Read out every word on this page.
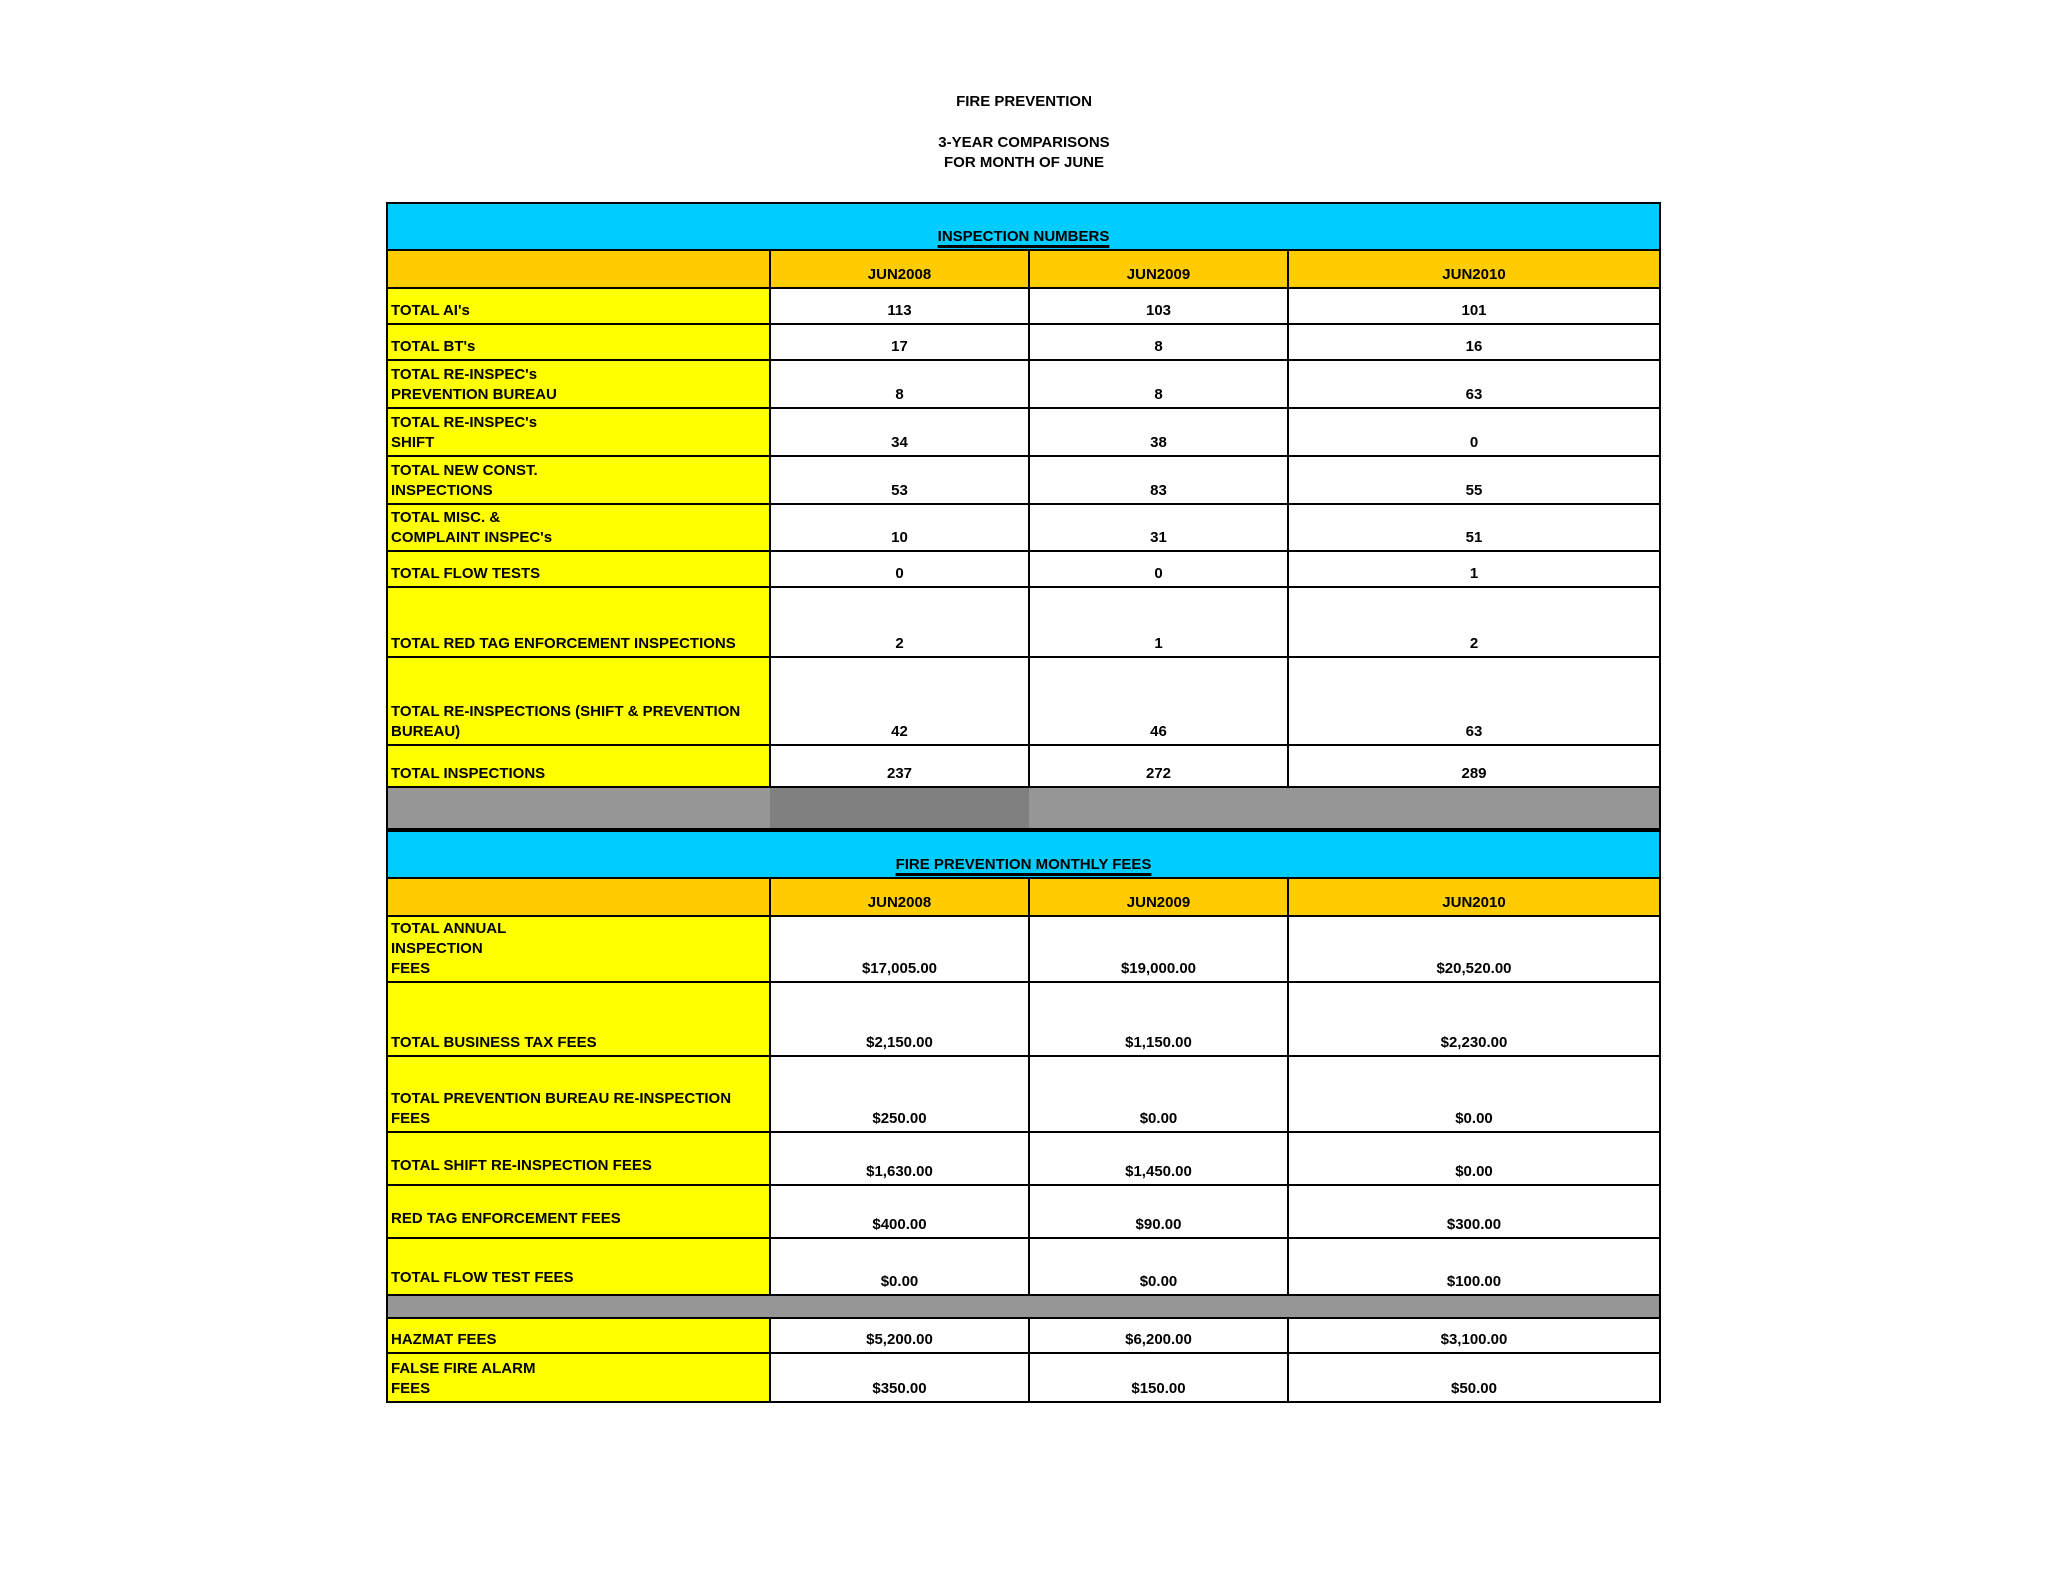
FIRE PREVENTION
3-YEAR COMPARISONS
FOR MONTH OF JUNE
INSPECTION NUMBERS			
	JUN2008	JUN2009	JUN2010
TOTAL AI's	113	103	101
TOTAL BT's	17	8	16
TOTAL RE-INSPEC's
PREVENTION BUREAU	8	8	63
TOTAL RE-INSPEC's
SHIFT	34	38	0
TOTAL NEW CONST.
INSPECTIONS	53	83	55
TOTAL MISC. &
COMPLAINT INSPEC's	10	31	51
TOTAL FLOW TESTS	0	0	1
TOTAL RED TAG ENFORCEMENT INSPECTIONS	2	1	2
TOTAL RE-INSPECTIONS (SHIFT & PREVENTION
BUREAU)	42	46	63
TOTAL INSPECTIONS	237	272	289

FIRE PREVENTION MONTHLY FEES			
	JUN2008	JUN2009	JUN2010
TOTAL ANNUAL
INSPECTION
FEES	$17,005.00	$19,000.00	$20,520.00
TOTAL BUSINESS TAX FEES	$2,150.00	$1,150.00	$2,230.00
TOTAL PREVENTION BUREAU RE-INSPECTION
FEES	$250.00	$0.00	$0.00
TOTAL SHIFT RE-INSPECTION FEES	$1,630.00	$1,450.00	$0.00
RED TAG ENFORCEMENT FEES	$400.00	$90.00	$300.00
TOTAL FLOW TEST FEES	$0.00	$0.00	$100.00

HAZMAT FEES	$5,200.00	$6,200.00	$3,100.00
FALSE FIRE ALARM
FEES	$350.00	$150.00	$50.00
